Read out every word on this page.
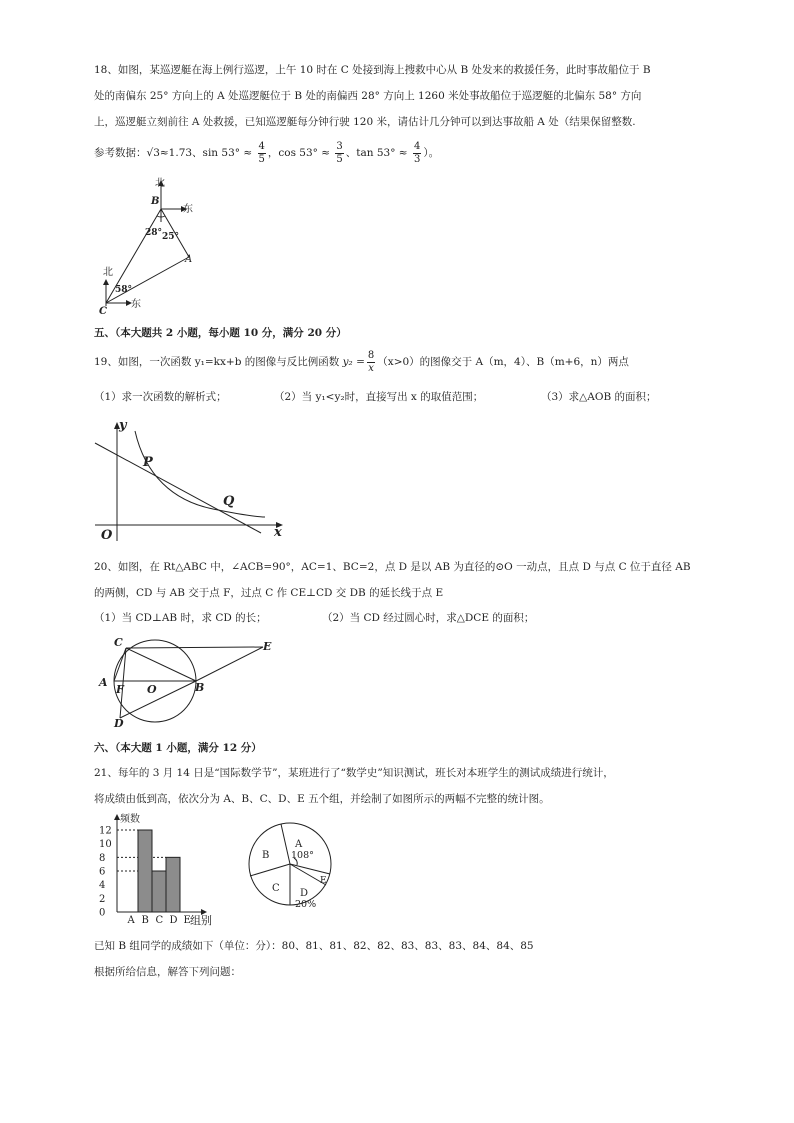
18、如图，某巡逻艇在海上例行巡逻，上午 10 时在 C 处接到海上搜救中心从 B 处发来的救援任务，此时事故船位于 B
处的南偏东 25° 方向上的 A 处巡逻艇位于 B 处的南偏西 28° 方向上 1260 米处事故船位于巡逻艇的北偏东 58° 方向
上，巡逻艇立刻前往 A 处救援，已知巡逻艇每分钟行驶 120 米，请估计几分钟可以到达事故船 A 处（结果保留整数.
参考数据：√3≈1.73、$\sin 53^\circ \approx \frac{4}{5}$ ，$\cos 53^\circ \approx \frac{3}{5}$ 、$\tan 53^\circ \approx \frac{4}{3}$ ）。
北
东
B
A
28° 25°
北
58°
C
东
五、（本大题共 2 小题，每小题 10 分，满分 20 分）
19、如图，一次函数 y₁=kx+b 的图像与反比例函数 $y_2 = \frac{8}{x} (x>0)$的图像交于 A（m，4）、B（m+6，n）两点
（1）求一次函数的解析式；	（2）当 y₁<y₂时，直接写出 x 的取值范围；	（3）求△AOB 的面积；
y
x
O
P
Q
20、如图，在 Rt△ABC 中，∠ACB=90°，AC=1、BC=2，点 D 是以 AB 为直径的⊙O 一动点，且点 D 与点 C 位于直径 AB
的两侧，CD 与 AB 交于点 F，过点 C 作 CE⊥CD 交 DB 的延长线于点 E
（1）当 CD⊥AB 时，求 CD 的长；	（2）当 CD 经过圆心时，求△DCE 的面积；
C	E
A
F O	B
D
六、（本大题 1 小题，满分 12 分）
21、每年的 3 月 14 日是“国际数学节”，某班进行了“数学史”知识测试，班长对本班学生的测试成绩进行统计，
将成绩由低到高，依次分为 A、B、C、D、E 五个组，并绘制了如图所示的两幅不完整的统计图。
0
2
4
6
8
10
12
A B C D E
频数
组别
A
108°
B
C D
20%
E
已知 B 组同学的成绩如下（单位：分）：80、81、81、82、82、83、83、83、84、84、85
根据所给信息，解答下列问题：
